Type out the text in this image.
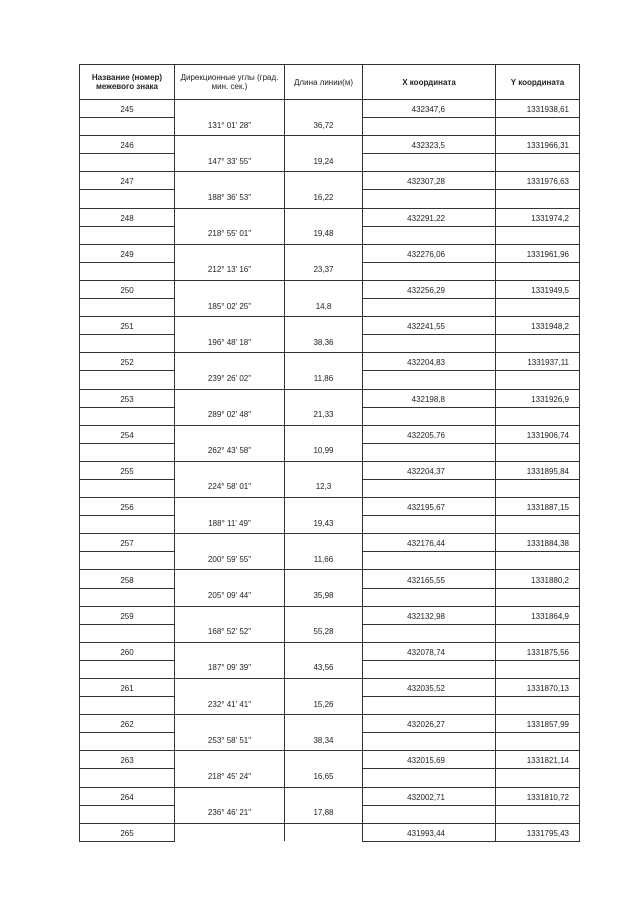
Название (номер) межевого знака	Дирекционные углы (град. мин. сек.)	Длина линии(м)	X координата	Y координата
245			432347,6	1331938,61
	131° 01' 28"	36,72		
246			432323,5	1331966,31
	147° 33' 55"	19,24		
247			432307,28	1331976,63
	188° 36' 53"	16,22		
248			432291,22	1331974,2
	218° 55' 01"	19,48		
249			432276,06	1331961,96
	212° 13' 16"	23,37		
250			432256,29	1331949,5
	185° 02' 25"	14,8		
251			432241,55	1331948,2
	196° 48' 18"	38,36		
252			432204,83	1331937,11
	239° 26' 02"	11,86		
253			432198,8	1331926,9
	289° 02' 48"	21,33		
254			432205,76	1331906,74
	262° 43' 58"	10,99		
255			432204,37	1331895,84
	224° 58' 01"	12,3		
256			432195,67	1331887,15
	188° 11' 49"	19,43		
257			432176,44	1331884,38
	200° 59' 55"	11,66		
258			432165,55	1331880,2
	205° 09' 44"	35,98		
259			432132,98	1331864,9
	168° 52' 52"	55,28		
260			432078,74	1331875,56
	187° 09' 39"	43,56		
261			432035,52	1331870,13
	232° 41' 41"	15,26		
262			432026,27	1331857,99
	253° 58' 51"	38,34		
263			432015,69	1331821,14
	218° 45' 24"	16,65		
264			432002,71	1331810,72
	236° 46' 21"	17,88		
265			431993,44	1331795,43
